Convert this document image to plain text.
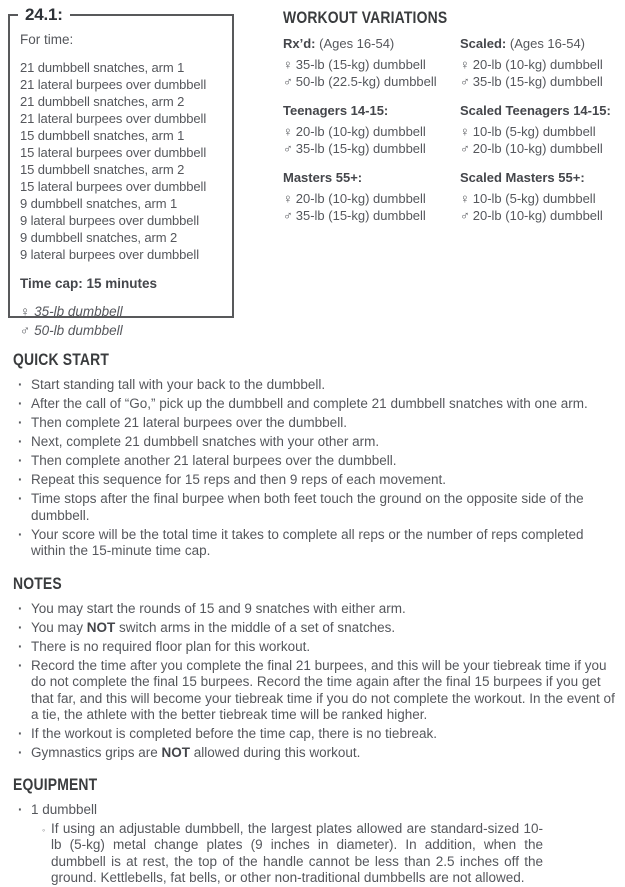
24.1:
For time:
21 dumbbell snatches, arm 1
21 lateral burpees over dumbbell
21 dumbbell snatches, arm 2
21 lateral burpees over dumbbell
15 dumbbell snatches, arm 1
15 lateral burpees over dumbbell
15 dumbbell snatches, arm 2
15 lateral burpees over dumbbell
9 dumbbell snatches, arm 1
9 lateral burpees over dumbbell
9 dumbbell snatches, arm 2
9 lateral burpees over dumbbell
Time cap: 15 minutes
♀ 35-lb dumbbell
♂ 50-lb dumbbell
WORKOUT VARIATIONS
Rx’d: (Ages 16-54)
♀ 35-lb (15-kg) dumbbell
♂ 50-lb (22.5-kg) dumbbell
Scaled: (Ages 16-54)
♀ 20-lb (10-kg) dumbbell
♂ 35-lb (15-kg) dumbbell
Teenagers 14-15:
♀ 20-lb (10-kg) dumbbell
♂ 35-lb (15-kg) dumbbell
Scaled Teenagers 14-15:
♀ 10-lb (5-kg) dumbbell
♂ 20-lb (10-kg) dumbbell
Masters 55+:
♀ 20-lb (10-kg) dumbbell
♂ 35-lb (15-kg) dumbbell
Scaled Masters 55+:
♀ 10-lb (5-kg) dumbbell
♂ 20-lb (10-kg) dumbbell
QUICK START
· Start standing tall with your back to the dumbbell.
· After the call of “Go,” pick up the dumbbell and complete 21 dumbbell snatches with one arm.
· Then complete 21 lateral burpees over the dumbbell.
· Next, complete 21 dumbbell snatches with your other arm.
· Then complete another 21 lateral burpees over the dumbbell.
· Repeat this sequence for 15 reps and then 9 reps of each movement.
· Time stops after the final burpee when both feet touch the ground on the opposite side of the dumbbell.
· Your score will be the total time it takes to complete all reps or the number of reps completed within the 15-minute time cap.
NOTES
· You may start the rounds of 15 and 9 snatches with either arm.
· You may NOT switch arms in the middle of a set of snatches.
· There is no required floor plan for this workout.
· Record the time after you complete the final 21 burpees, and this will be your tiebreak time if you do not complete the final 15 burpees. Record the time again after the final 15 burpees if you get that far, and this will become your tiebreak time if you do not complete the workout. In the event of a tie, the athlete with the better tiebreak time will be ranked higher.
· If the workout is completed before the time cap, there is no tiebreak.
· Gymnastics grips are NOT allowed during this workout.
EQUIPMENT
· 1 dumbbell
◦ If using an adjustable dumbbell, the largest plates allowed are standard-sized 10-lb (5-kg) metal change plates (9 inches in diameter). In addition, when the dumbbell is at rest, the top of the handle cannot be less than 2.5 inches off the ground. Kettlebells, fat bells, or other non-traditional dumbbells are not allowed.
